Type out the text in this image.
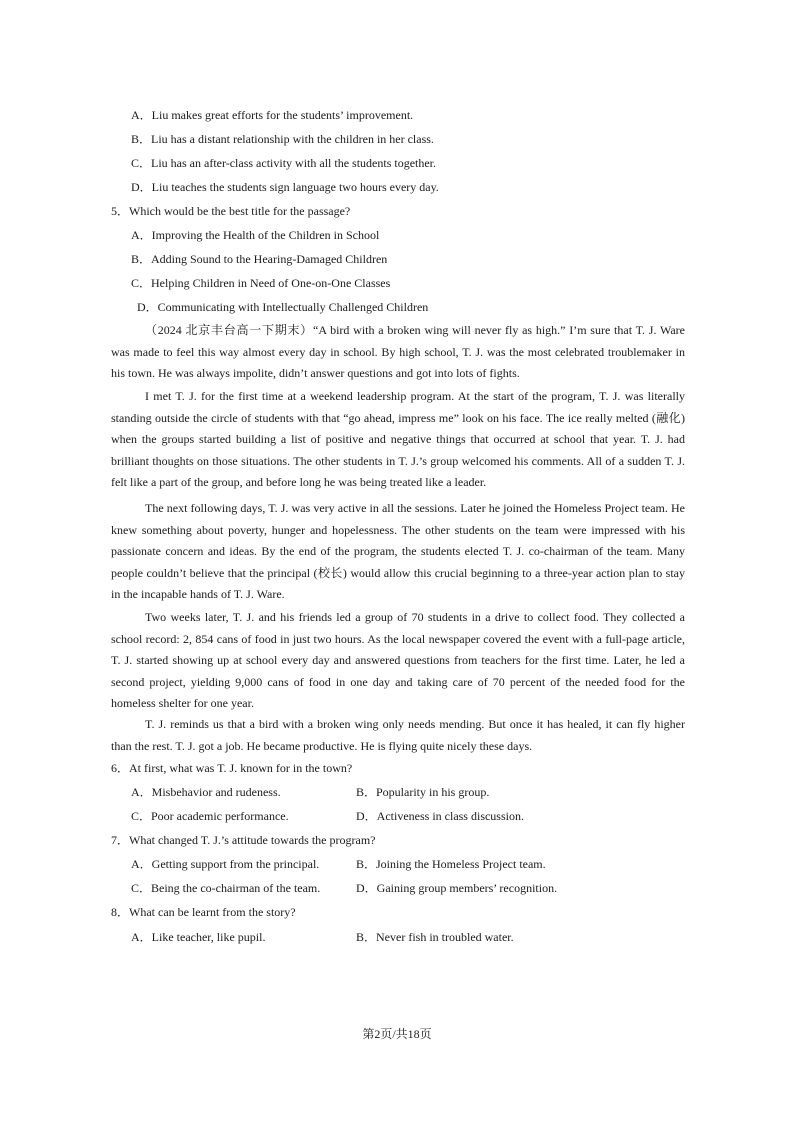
A．Liu makes great efforts for the students’ improvement.
B．Liu has a distant relationship with the children in her class.
C．Liu has an after-class activity with all the students together.
D．Liu teaches the students sign language two hours every day.
5．Which would be the best title for the passage?
A．Improving the Health of the Children in School
B．Adding Sound to the Hearing-Damaged Children
C．Helping Children in Need of One-on-One Classes
D．Communicating with Intellectually Challenged Children

（2024 北京丰台高一下期末）“A bird with a broken wing will never fly as high.” I’m sure that T. J. Ware was made to feel this way almost every day in school. By high school, T. J. was the most celebrated troublemaker in his town. He was always impolite, didn’t answer questions and got into lots of fights.

I met T. J. for the first time at a weekend leadership program. At the start of the program, T. J. was literally standing outside the circle of students with that “go ahead, impress me” look on his face. The ice really melted (融化) when the groups started building a list of positive and negative things that occurred at school that year. T. J. had brilliant thoughts on those situations. The other students in T. J.’s group welcomed his comments. All of a sudden T. J. felt like a part of the group, and before long he was being treated like a leader.

The next following days, T. J. was very active in all the sessions. Later he joined the Homeless Project team. He knew something about poverty, hunger and hopelessness. The other students on the team were impressed with his passionate concern and ideas. By the end of the program, the students elected T. J. co-chairman of the team. Many people couldn’t believe that the principal (校长) would allow this crucial beginning to a three-year action plan to stay in the incapable hands of T. J. Ware.

Two weeks later, T. J. and his friends led a group of 70 students in a drive to collect food. They collected a school record: 2, 854 cans of food in just two hours. As the local newspaper covered the event with a full-page article, T. J. started showing up at school every day and answered questions from teachers for the first time. Later, he led a second project, yielding 9,000 cans of food in one day and taking care of 70 percent of the needed food for the homeless shelter for one year.

T. J. reminds us that a bird with a broken wing only needs mending. But once it has healed, it can fly higher than the rest. T. J. got a job. He became productive. He is flying quite nicely these days.

6．At first, what was T. J. known for in the town?
A．Misbehavior and rudeness.	B．Popularity in his group.
C．Poor academic performance.	D．Activeness in class discussion.
7．What changed T. J.’s attitude towards the program?
A．Getting support from the principal.	B．Joining the Homeless Project team.
C．Being the co-chairman of the team.	D．Gaining group members’ recognition.
8．What can be learnt from the story?
A．Like teacher, like pupil.	B．Never fish in troubled water.
第2页/共18页
